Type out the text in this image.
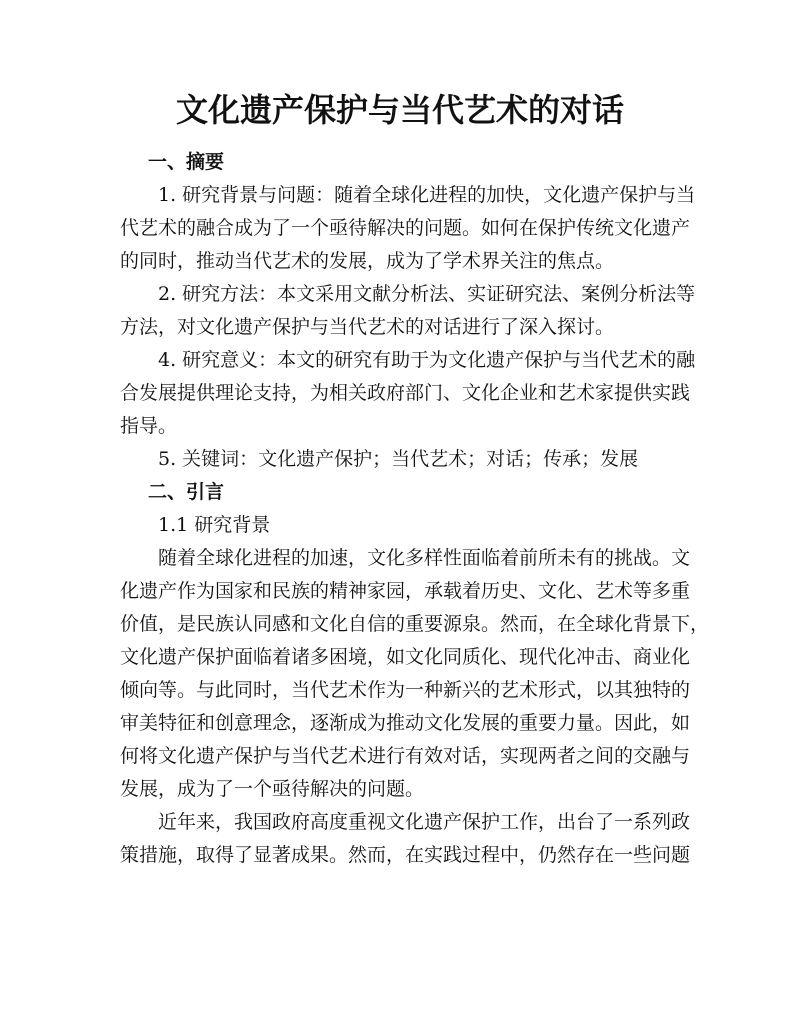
文化遗产保护与当代艺术的对话

一、摘要

1. 研究背景与问题：随着全球化进程的加快，文化遗产保护与当

代艺术的融合成为了一个亟待解决的问题。如何在保护传统文化遗产

的同时，推动当代艺术的发展，成为了学术界关注的焦点。

2. 研究方法：本文采用文献分析法、实证研究法、案例分析法等

方法，对文化遗产保护与当代艺术的对话进行了深入探讨。

4. 研究意义：本文的研究有助于为文化遗产保护与当代艺术的融

合发展提供理论支持，为相关政府部门、文化企业和艺术家提供实践

指导。

5. 关键词：文化遗产保护；当代艺术；对话；传承；发展

二、引言

1.1 研究背景

随着全球化进程的加速，文化多样性面临着前所未有的挑战。文

化遗产作为国家和民族的精神家园，承载着历史、文化、艺术等多重

价值，是民族认同感和文化自信的重要源泉。然而，在全球化背景下，

文化遗产保护面临着诸多困境，如文化同质化、现代化冲击、商业化

倾向等。与此同时，当代艺术作为一种新兴的艺术形式，以其独特的

审美特征和创意理念，逐渐成为推动文化发展的重要力量。因此，如

何将文化遗产保护与当代艺术进行有效对话，实现两者之间的交融与

发展，成为了一个亟待解决的问题。

近年来，我国政府高度重视文化遗产保护工作，出台了一系列政

策措施，取得了显著成果。然而，在实践过程中，仍然存在一些问题
